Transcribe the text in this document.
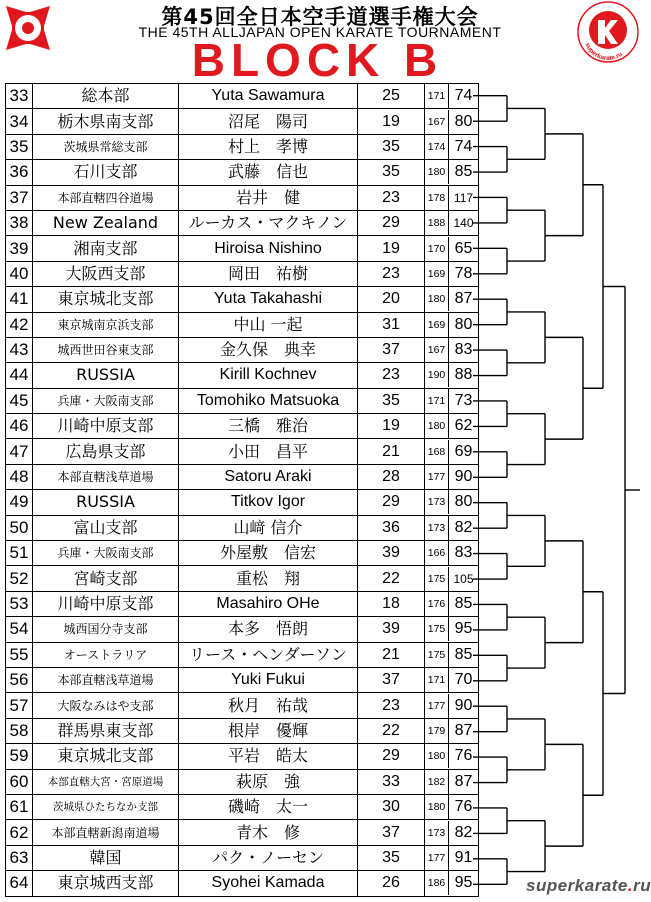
第45回全日本空手道選手権大会
THE 45TH ALLJAPAN OPEN KARATE TOURNAMENT
BLOCK B	superkarate.ru
33	総本部	Yuta Sawamura	25	171 74

34	栃木県南支部	沼尾　陽司	19	167 80

35	茨城県常総支部	村上　孝博	35	174 74

36	石川支部	武藤　信也	35	180 85

37	本部直轄四谷道場	岩井　健	23	178 117

38	New Zealand	ルーカス・マクキノン	29	188 140

39	湘南支部	Hiroisa Nishino	19	170 65

40	大阪西支部	岡田　祐樹	23	169 78

41	東京城北支部	Yuta Takahashi	20	180 87

42	東京城南京浜支部	中山 一起	31	169 80

43	城西世田谷東支部	金久保　典幸	37	167 83

44	RUSSIA	Kirill Kochnev	23	190 88

45	兵庫・大阪南支部	Tomohiko Matsuoka	35	171 73

46	川崎中原支部	三橋　雅治	19	180 62

47	広島県支部	小田　昌平	21	168 69

48	本部直轄浅草道場	Satoru Araki	28	177 90

49	RUSSIA	Titkov Igor	29	173 80

50	富山支部	山﨑 信介	36	173 82

51	兵庫・大阪南支部	外屋敷　信宏	39	166 83

52	宮崎支部	重松　翔	22	175 105

53	川崎中原支部	Masahiro OHe	18	176 85

54	城西国分寺支部	本多　悟朗	39	175 95

55	オーストラリア	リース・ヘンダーソン	21	175 85

56	本部直轄浅草道場	Yuki Fukui	37	171 70

57	大阪なみはや支部	秋月　祐哉	23	177 90

58	群馬県東支部	根岸　優輝	22	179 87

59	東京城北支部	平岩　皓太	29	180 76

60	本部直轄大宮・宮原道場	萩原　強	33	182 87

61	茨城県ひたちなか支部	磯崎　太一	30	180 76

62	本部直轄新潟南道場	青木　修	37	173 82

63	韓国	パク・ノーセン	35	177 91

64	東京城西支部	Syohei Kamada	26	186 95	superkarate.ru
